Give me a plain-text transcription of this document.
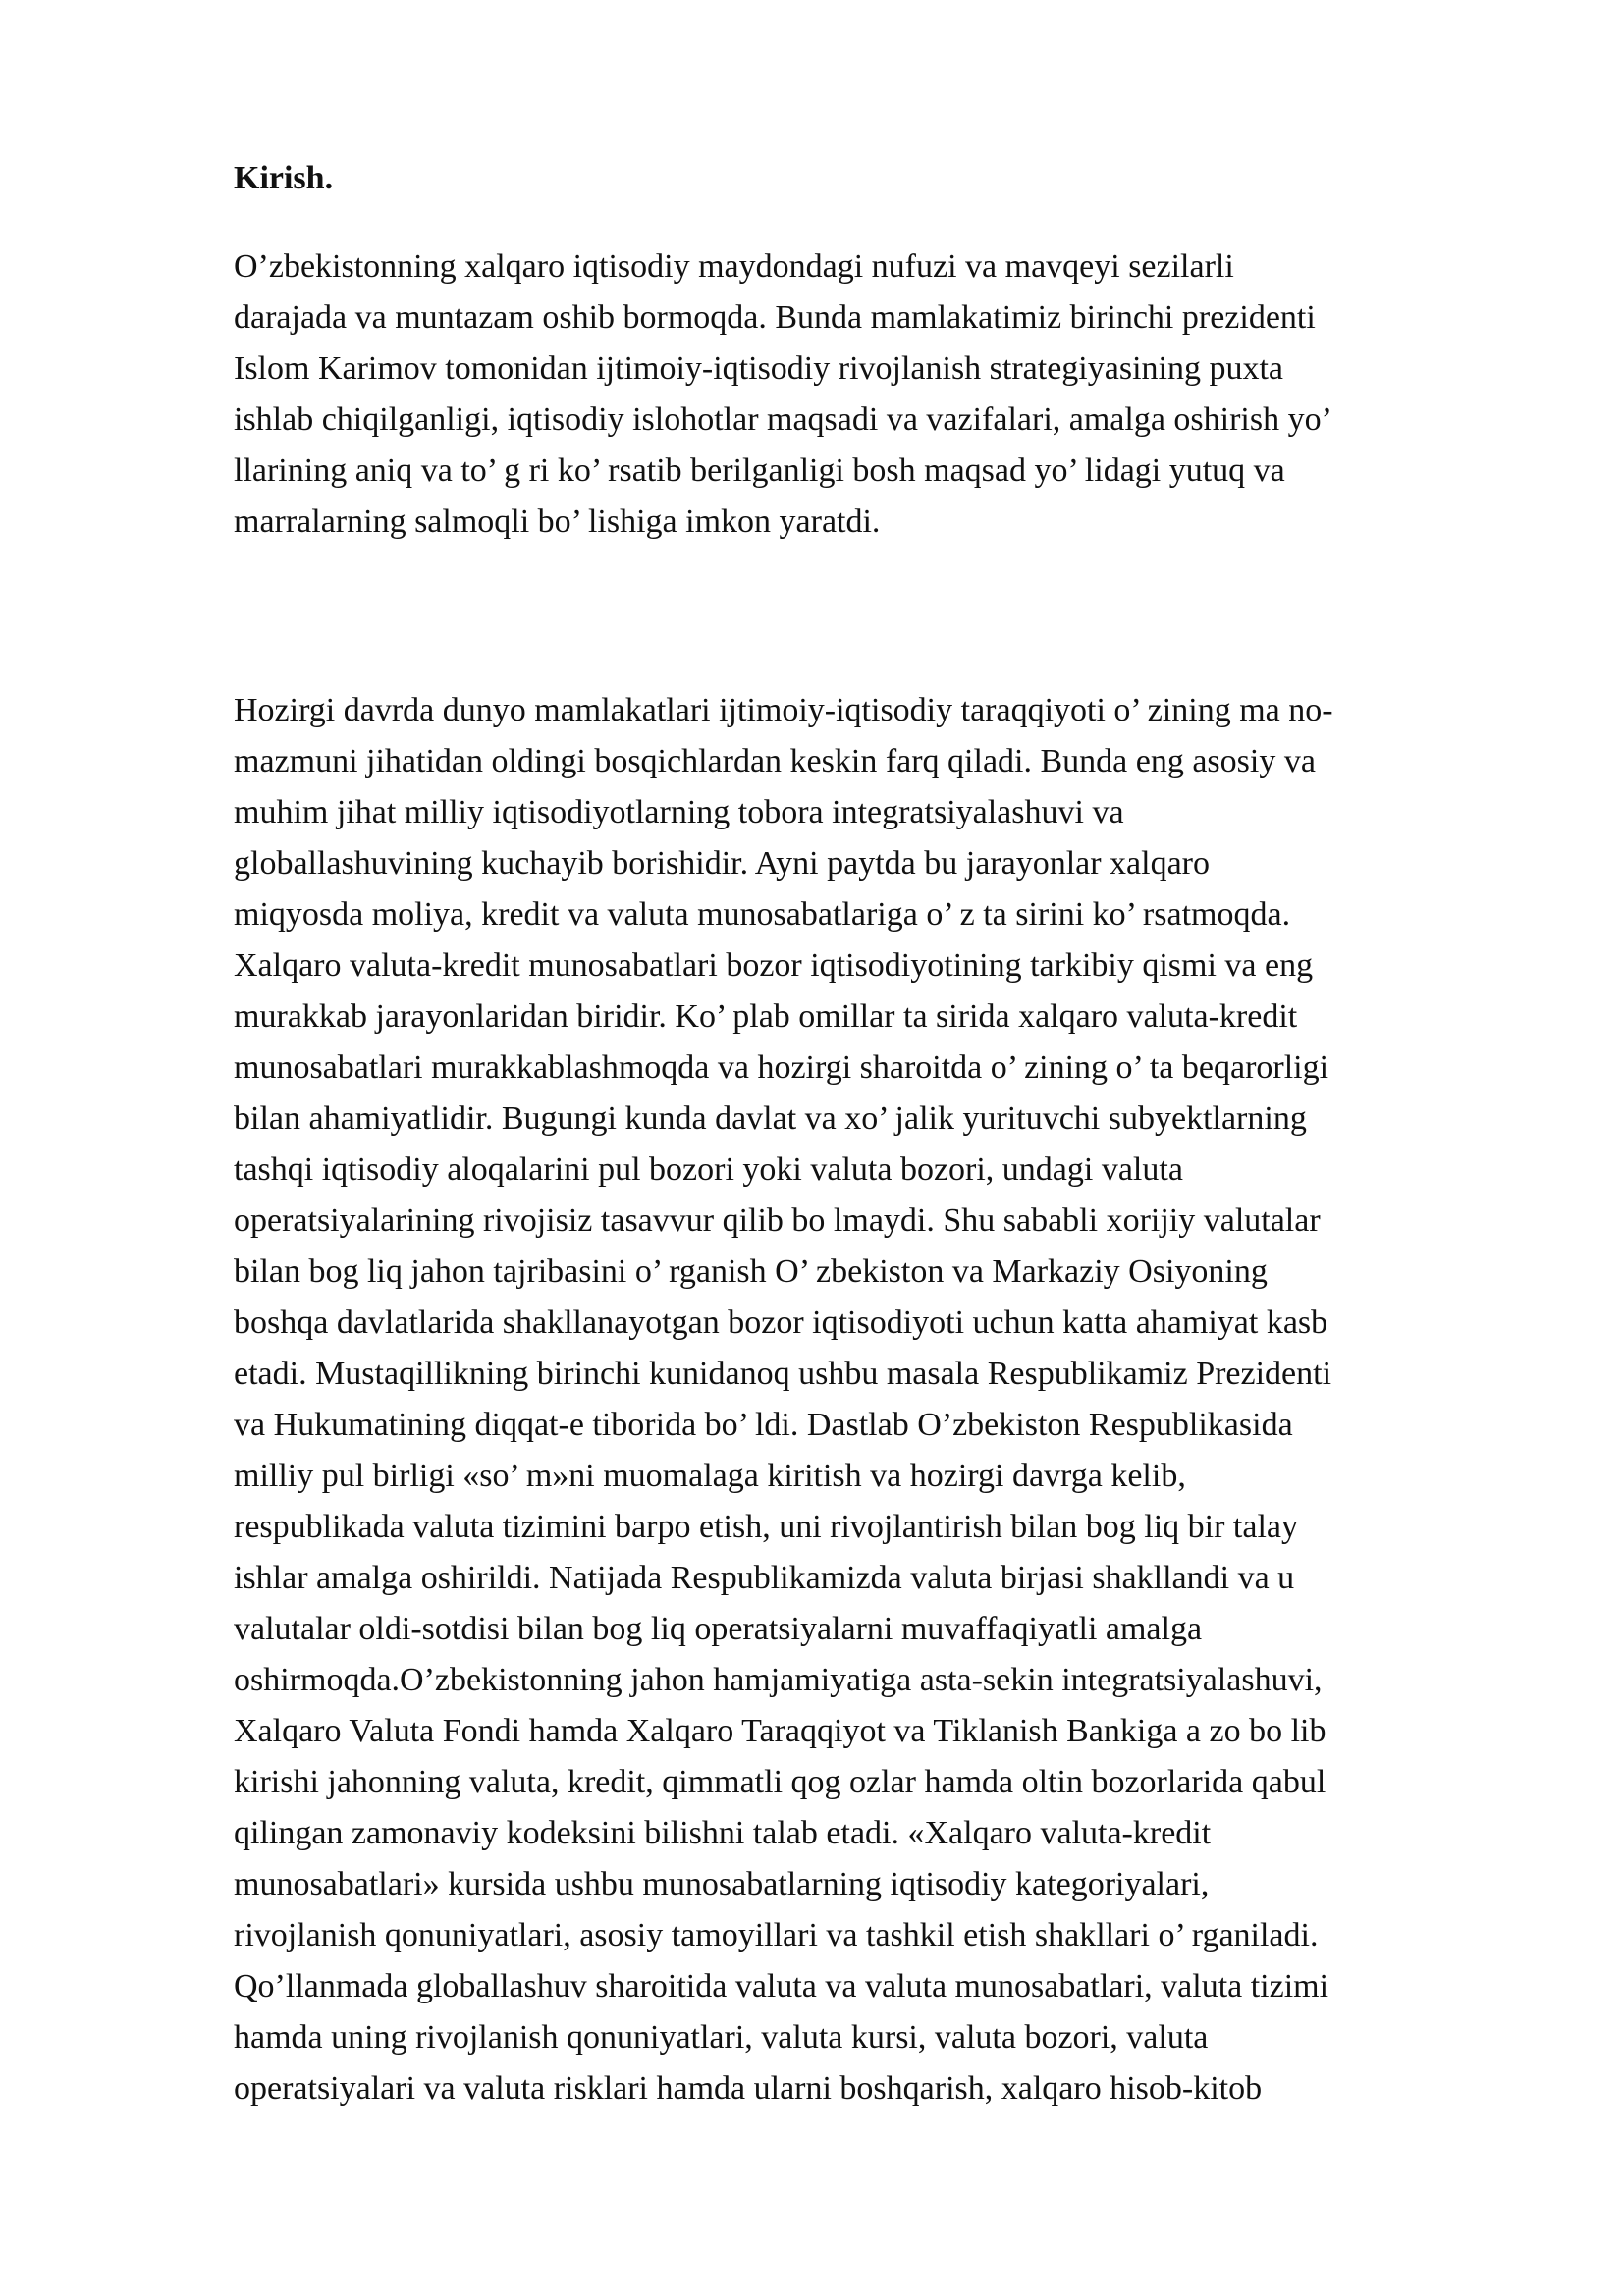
Kirish.

O’zbekistonning xalqaro iqtisodiy maydondagi nufuzi va mavqeyi sezilarli
darajada va muntazam oshib bormoqda. Bunda mamlakatimiz birinchi prezidenti
Islom Karimov tomonidan ijtimoiy-iqtisodiy rivojlanish strategiyasining puxta
ishlab chiqilganligi, iqtisodiy islohotlar maqsadi va vazifalari, amalga oshirish yo’
llarining aniq va to’ g ri ko’ rsatib berilganligi bosh maqsad yo’ lidagi yutuq va
marralarning salmoqli bo’ lishiga imkon yaratdi.

Hozirgi davrda dunyo mamlakatlari ijtimoiy-iqtisodiy taraqqiyoti o’ zining ma no-
mazmuni jihatidan oldingi bosqichlardan keskin farq qiladi. Bunda eng asosiy va
muhim jihat milliy iqtisodiyotlarning tobora integratsiyalashuvi va
globallashuvining kuchayib borishidir. Ayni paytda bu jarayonlar xalqaro
miqyosda moliya, kredit va valuta munosabatlariga o’ z ta sirini ko’ rsatmoqda.
Xalqaro valuta-kredit munosabatlari bozor iqtisodiyotining tarkibiy qismi va eng
murakkab jarayonlaridan biridir. Ko’ plab omillar ta sirida xalqaro valuta-kredit
munosabatlari murakkablashmoqda va hozirgi sharoitda o’ zining o’ ta beqarorligi
bilan ahamiyatlidir. Bugungi kunda davlat va xo’ jalik yurituvchi subyektlarning
tashqi iqtisodiy aloqalarini pul bozori yoki valuta bozori, undagi valuta
operatsiyalarining rivojisiz tasavvur qilib bo lmaydi. Shu sababli xorijiy valutalar
bilan bog liq jahon tajribasini o’ rganish O’ zbekiston va Markaziy Osiyoning
boshqa davlatlarida shakllanayotgan bozor iqtisodiyoti uchun katta ahamiyat kasb
etadi. Mustaqillikning birinchi kunidanoq ushbu masala Respublikamiz Prezidenti
va Hukumatining diqqat-e tiborida bo’ ldi. Dastlab O’zbekiston Respublikasida
milliy pul birligi «so’ m»ni muomalaga kiritish va hozirgi davrga kelib,
respublikada valuta tizimini barpo etish, uni rivojlantirish bilan bog liq bir talay
ishlar amalga oshirildi. Natijada Respublikamizda valuta birjasi shakllandi va u
valutalar oldi-sotdisi bilan bog liq operatsiyalarni muvaffaqiyatli amalga
oshirmoqda.O’zbekistonning jahon hamjamiyatiga asta-sekin integratsiyalashuvi,
Xalqaro Valuta Fondi hamda Xalqaro Taraqqiyot va Tiklanish Bankiga a zo bo lib
kirishi jahonning valuta, kredit, qimmatli qog ozlar hamda oltin bozorlarida qabul
qilingan zamonaviy kodeksini bilishni talab etadi. «Xalqaro valuta-kredit
munosabatlari» kursida ushbu munosabatlarning iqtisodiy kategoriyalari,
rivojlanish qonuniyatlari, asosiy tamoyillari va tashkil etish shakllari o’ rganiladi.
Qo’llanmada globallashuv sharoitida valuta va valuta munosabatlari, valuta tizimi
hamda uning rivojlanish qonuniyatlari, valuta kursi, valuta bozori, valuta
operatsiyalari va valuta risklari hamda ularni boshqarish, xalqaro hisob-kitob
